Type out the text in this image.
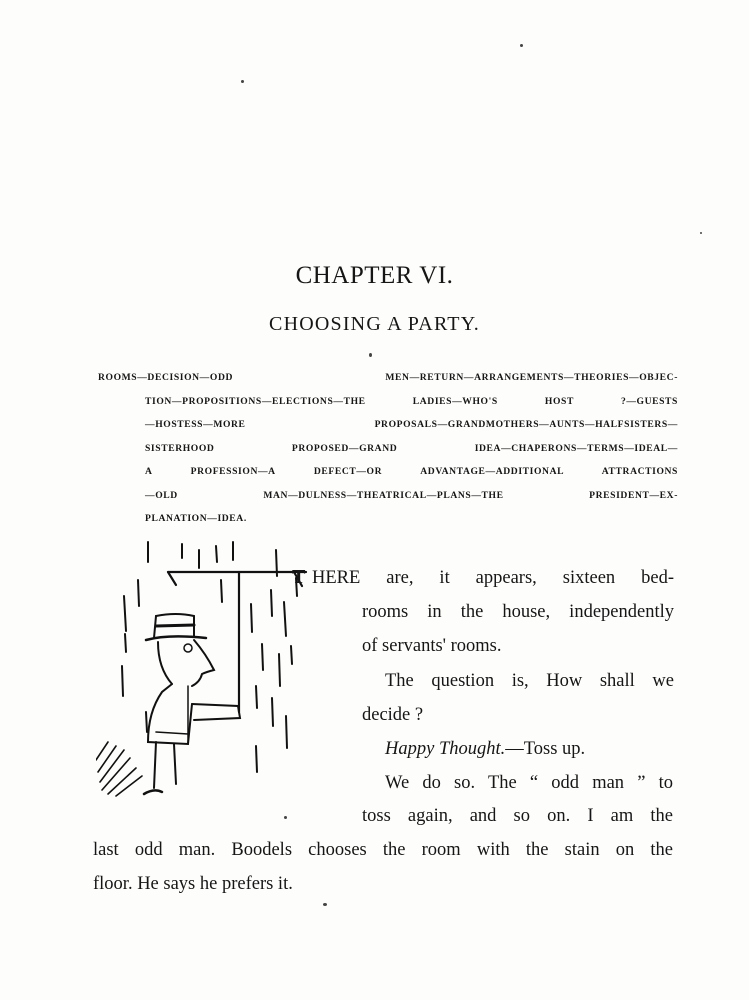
CHAPTER VI.
CHOOSING A PARTY.
ROOMS—DECISION—ODD MEN—RETURN—ARRANGEMENTS—THEORIES—OBJEC-
TION—PROPOSITIONS—ELECTIONS—THE LADIES—WHO'S HOST ?—GUESTS
—HOSTESS—MORE PROPOSALS—GRANDMOTHERS—AUNTS—HALFSISTERS—
SISTERHOOD PROPOSED—GRAND IDEA—CHAPERONS—TERMS—IDEAL—
A PROFESSION—A DEFECT—OR ADVANTAGE—ADDITIONAL ATTRACTIONS
—OLD MAN—DULNESS—THEATRICAL—PLANS—THE PRESIDENT—EX-
PLANATION—IDEA.
T HERE are, it appears, sixteen bed-
rooms in the house, independently
of servants' rooms.
The question is, How shall we
decide ?
Happy Thought.—Toss up.
We do so. The “ odd man ” to
toss again, and so on. I am the
last odd man. Boodels chooses the room with the stain on the
floor. He says he prefers it.
